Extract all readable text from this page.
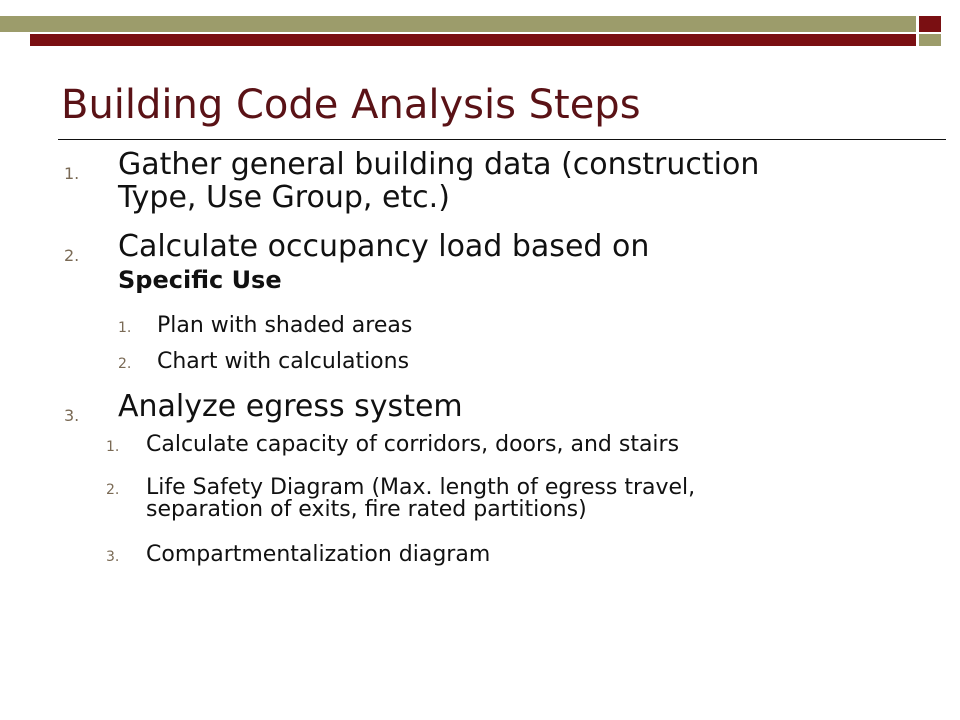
Building Code Analysis Steps
1. Gather general building data (construction
Type, Use Group, etc.)
2. Calculate occupancy load based on
Specific Use
1. Plan with shaded areas
2. Chart with calculations
3. Analyze egress system
1. Calculate capacity of corridors, doors, and stairs
2. Life Safety Diagram (Max. length of egress travel,
separation of exits, fire rated partitions)
3. Compartmentalization diagram
